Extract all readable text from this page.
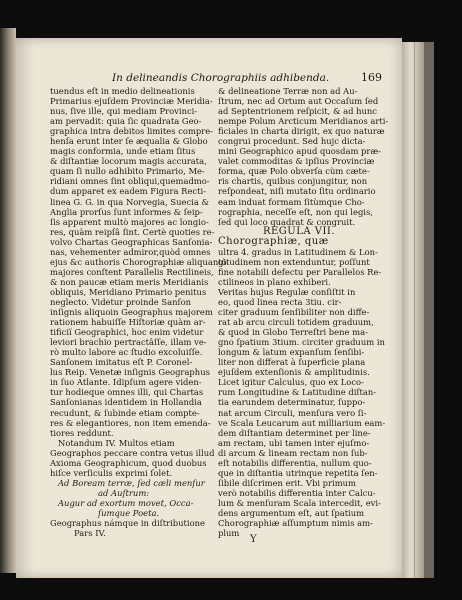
In delineandis Chorographiis adhibenda.	169
tuendus eſt in medio delineationis
Primarius ejuſdem Provinciæ Meridia-
nus, ſive ille, qui mediam Provinci-
am pervadit: quia ſic quadrata Geo-
graphica intra debitos limites compre-
henſa erunt inter ſe æqualia & Globo
magis conformia, unde etiam ſitus
& diſtantiæ locorum magis accurata,
quam ſi nullo adhibito Primario, Me-
ridiani omnes ſint obliqui,quemadmo-
dum apparet ex eadem Figura Recti-
linea G. G. in qua Norvegia, Suecia &
Anglia prorſus ſunt informes & ſeip-
ſis apparent multò majores ac longio-
res, quàm reipſâ ſint. Certè quoties re-
volvo Chartas Geographicas Sanſonia-
nas, vehementer admiror,quòd omnes
ejus &c authoris Chorographiæ aliquantò
majores conſtent Parallelis Rectilineis,
& non paucæ etiam meris Meridianis
obliquis, Meridiano Primario penitus
neglecto. Videtur proinde Sanſon
inſignis aliquoin Geographus majorem
rationem habuiſſe Hiſtoriæ quàm ar-
tificiï Geographici, hoc enim videtur
leviori brachio pertractâſſe, illam ve-
rò multo labore ac ſtudio excoluiſſe.
Sanſonem imitatus eſt P. Coronel-
lus Reip. Venetæ inſignis Geographus
in ſuo Atlante. Idipſum agere viden-
tur hodieque omnes illi, qui Chartas
Sanſonianas identidem in Hollandia
recudunt, & ſubinde etiam compte-
res & elegantiores, non item emenda-
tiores reddunt.
Notandum IV. Multos etiam
Geographos peccare contra vetus illud
Axioma Geographicum, quod duobus
hiſce verſiculis exprimi ſolet.
Ad Boream terræ, ſed cæli menſur
ad Auſtrum:
Augur ad exortum movet, Occa-
ſumque Poeta.
Geographus námque in diſtributione
Pars IV.
& delineatione Terræ non ad Au-
ſtrum, nec ad Ortum aut Occaſum ſed
ad Septentrionem reſpicit, & ad hunc
nempe Polum Arcticum Meridianos arti-
ficiales in charta dirigit, ex quo naturæ
congrui procedunt. Sed hujc dicta-
mini Geographico apud quosdam præ-
valet commoditas & ipſius Provinciæ
forma, quæ Polo obverſa cùm cæte-
ris chartis, quibus conjungitur, non
reſpondeat, niſi mutato ſitu ordinario
eam induat formam ſitùmque Cho-
rographia, neceſſe eſt, non qui legis,
ſed qui loco quadrat & congruit.
REGULA VII.
Chorographiæ, quæ
ultra 4. gradus in Latitudinem & Lon-
gitudinem non extenduntur, poſſunt
fine notabili defectu per Parallelos Re-
ctilineos in plano exhiberi.
Veritas hujus Regulæ conſiſtit in
eo, quod linea recta 3tiu. cir-
citer graduum ſenſibiliter non diffe-
rat ab arcu circuli totidem graduum,
& quod in Globo Terreſtri bene ma-
gno ſpatium 3tium. circiter graduum in
longum & latum expanſum ſenſibi-
liter non differat à ſuperficie plana
ejuſdem extenſionis & amplitudinis.
Licet igitur Calculus, quo ex Loco-
rum Longitudine & Latitudine diſtan-
tia earundem determinatur, ſuppo-
nat arcum Circuli, menſura vero ſi-
ve Scala Leucarum aut milliarium eam-
dem diſtantiam determinet per line-
am rectam, ubi tamen inter ejuſmo-
di arcum & lineam rectam non ſub-
eſt notabilis differentia, nullum quo-
que in diſtantia utrinque repetita ſen-
ſibile diſcrimen erit. Vbi primum
verò notabilis differentia inter Calcu-
lum & menſuram Scala intercedit, evi-
dens argumentum eſt, aut ſpatium
Chorographiæ aſſumptum nimis am-
plum
Y
